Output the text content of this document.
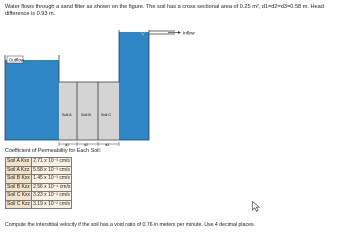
Water flows through a sand filter as shown on the figure. The soil has a cross sectional area of 0.25 m², d1=d2=d3=0.58 m. Head difference is 0.93 m.
Inflow
Outflow ▽
▽
Soil A Soil B	Soil C
d1	d2	d3
Coefficient of Permeability for Each Soil:
Soil A Kxx	2.71 x 10⁻³ cm/s
Soil A Kzz	5.58 x 10⁻³ cm/s
Soil B Kxx	1.45 x 10⁻³ cm/s
Soil B Kzz	2.56 x 10⁻⁴ cm/s
Soil C Kxx	3.23 x 10⁻² cm/s
Soil C Kzz	3.19 x 10⁻² cm/s
Compute the interstitial velocity if the soil has a void ratio of 0.76 in meters per minute. Use 4 decimal places.
